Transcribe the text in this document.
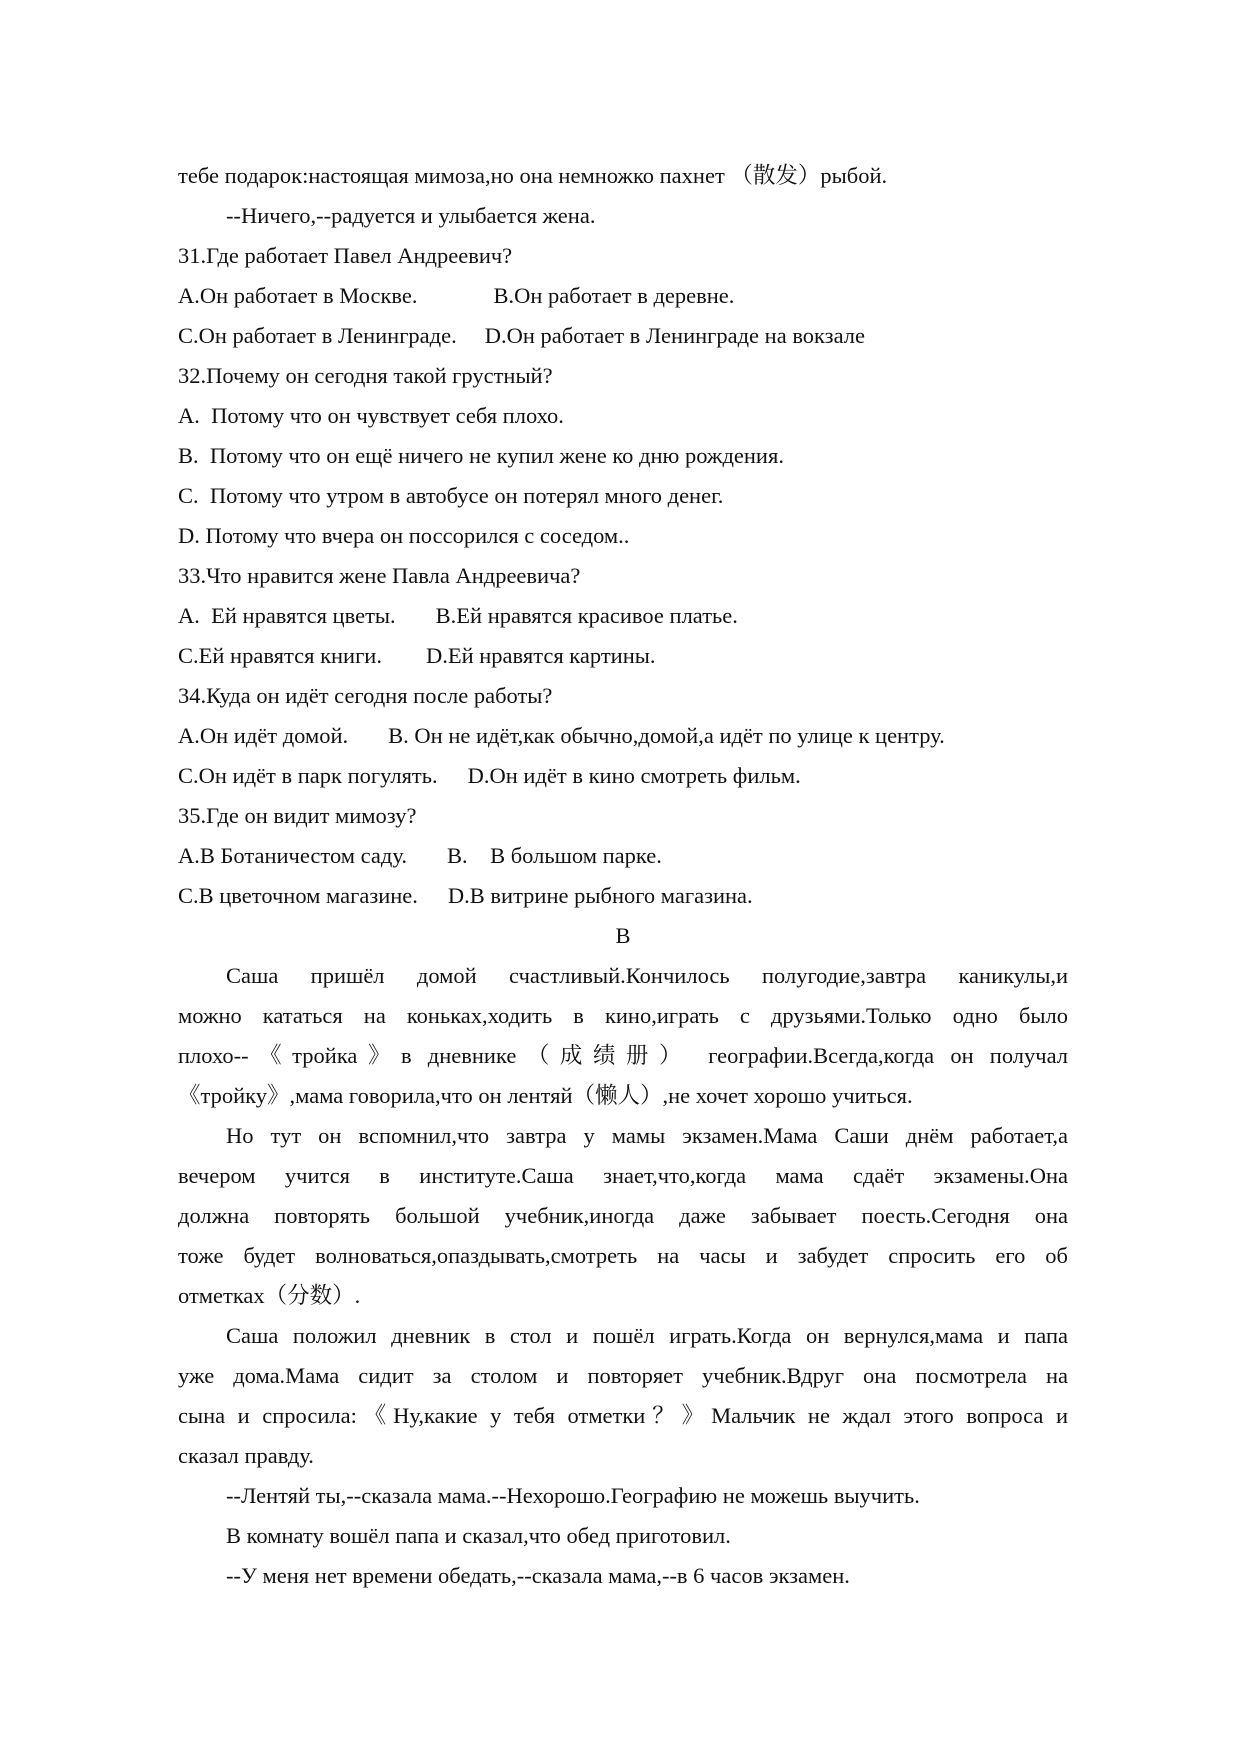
тебе подарок:настоящая мимоза,но она немножко пахнет （散发）рыбой.
--Ничего,--радуется и улыбается жена.
31.Где работает Павел Андреевич?
A.Он работает в Москве.	B.Он работает в деревне.
C.Он работает в Ленинграде. D.Он работает в Ленинграде на вокзале
32.Почему он сегодня такой грустный?
A.  Потому что он чувствует себя плохо.
B.  Потому что он ещё ничего не купил жене ко дню рождения.
C.  Потому что утром в автобусе он потерял много денег.
D. Потому что вчера он поссорился с соседом..
33.Что нравится жене Павла Андреевича?
A.  Ей нравятся цветы. B.Ей нравятся красивое платье.
C.Ей нравятся книги. D.Ей нравятся картины.
34.Куда он идёт сегодня после работы?
A.Он идёт домой. B. Он не идёт,как обычно,домой,а идёт по улице к центру.
C.Он идёт в парк погулять. D.Он идёт в кино смотреть фильм.
35.Где он видит мимозу?
A.В Ботаничестом саду. B.    В большом парке.
C.В цветочном магазине. D.В витрине рыбного магазина.
B
Саша пришёл домой счастливый.Кончилось полугодие,завтра каникулы,и
можно кататься на коньках,ходить в кино,играть с друзьями.Только одно было
плохо--《тройка》в дневнике（成绩册） географии.Всегда,когда он получал
《тройку》,мама говорила,что он лентяй（懒人）,не хочет хорошо учиться.
Но тут он вспомнил,что завтра у мамы экзамен.Мама Саши днём работает,а
вечером учится в институте.Саша знает,что,когда мама сдаёт экзамены.Она
должна повторять большой учебник,иногда даже забывает поесть.Сегодня она
тоже будет волноваться,опаздывать,смотреть на часы и забудет спросить его об
отметках（分数）.
Саша положил дневник в стол и пошёл играть.Когда он вернулся,мама и папа
уже дома.Мама сидит за столом и повторяет учебник.Вдруг она посмотрела на
сына и спросила:《Ну,какие у тебя отметки？》Мальчик не ждал этого вопроса и
сказал правду.
--Лентяй ты,--сказала мама.--Нехорошо.Географию не можешь выучить.
В комнату вошёл папа и сказал,что обед приготовил.
--У меня нет времени обедать,--сказала мама,--в 6 часов экзамен.
